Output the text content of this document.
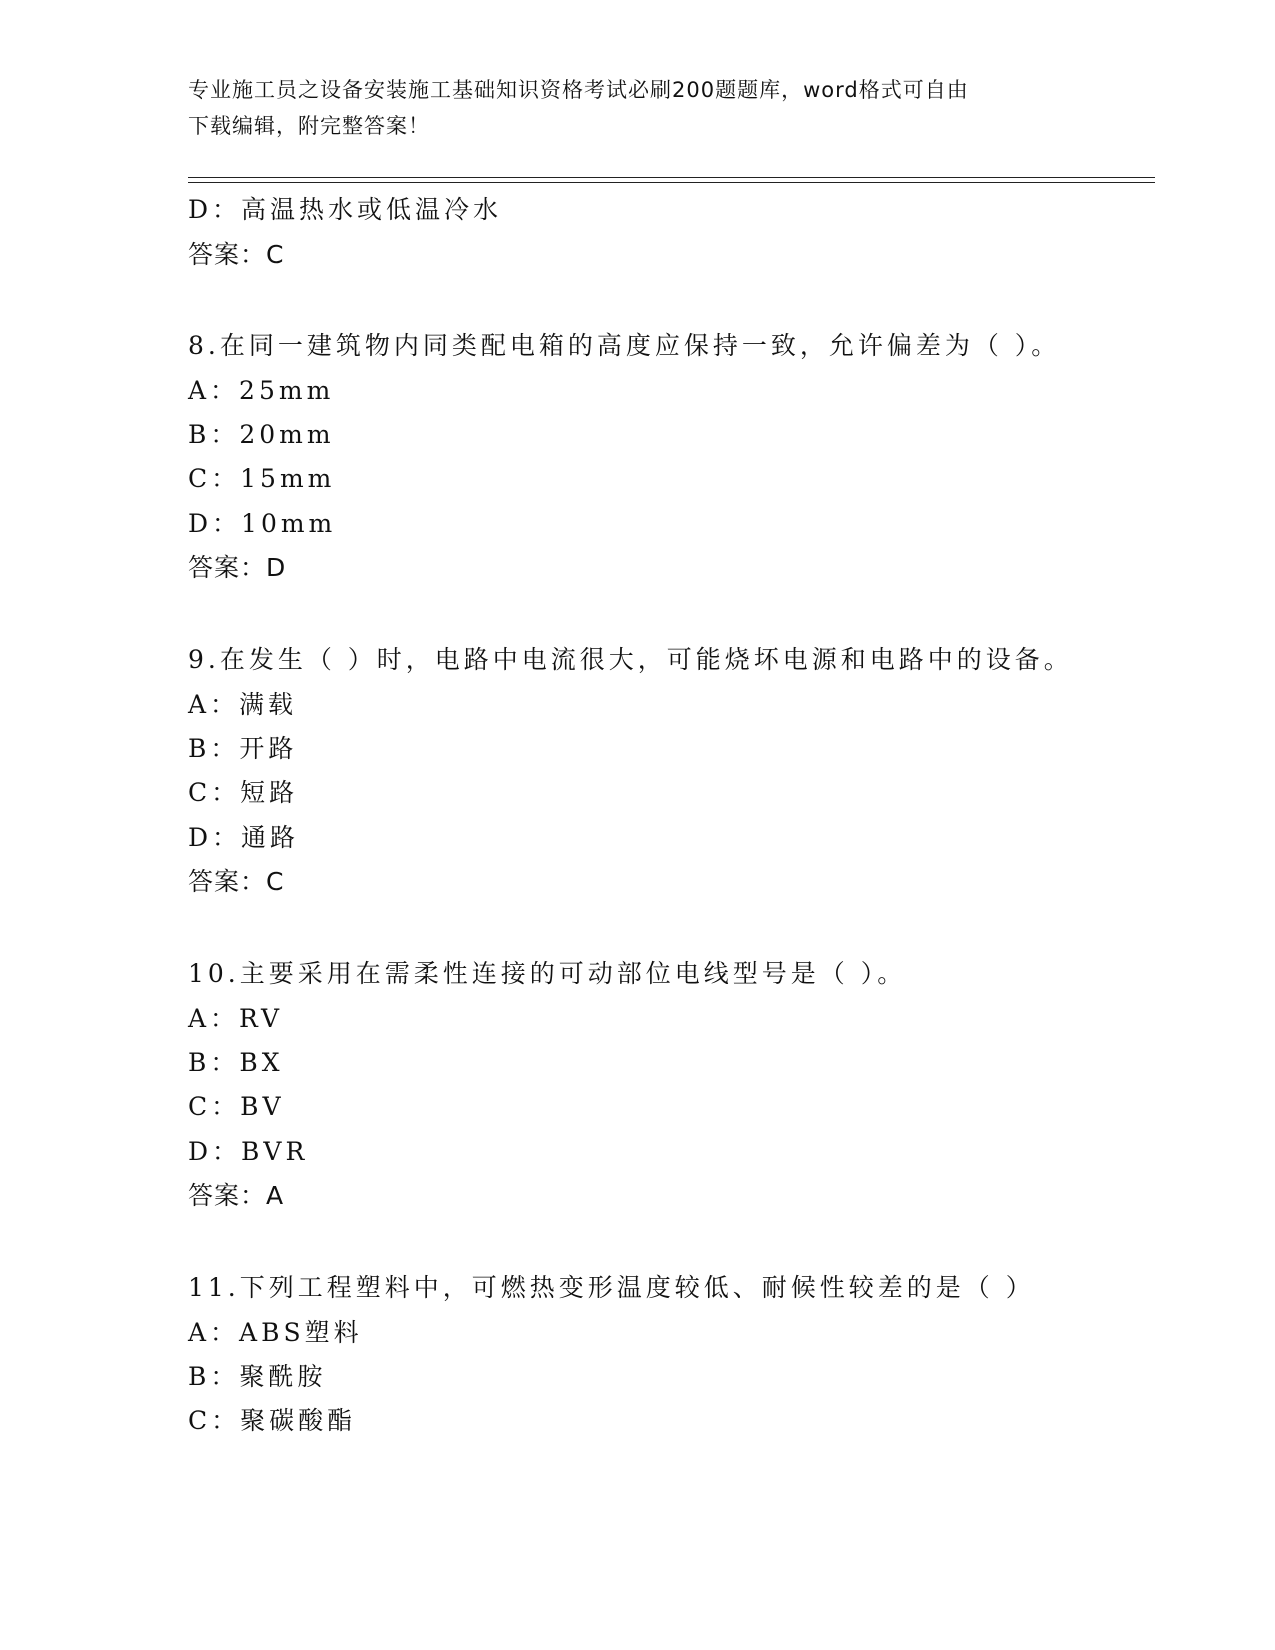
专业施工员之设备安装施工基础知识资格考试必刷200题题库，word格式可自由
下载编辑，附完整答案！
D：高温热水或低温冷水
答案：C
8.在同一建筑物内同类配电箱的高度应保持一致，允许偏差为（ ）。
A：25mm
B：20mm
C：15mm
D：10mm
答案：D
9.在发生（ ）时，电路中电流很大，可能烧坏电源和电路中的设备。
A：满载
B：开路
C：短路
D：通路
答案：C
10.主要采用在需柔性连接的可动部位电线型号是（ ）。
A：RV
B：BX
C：BV
D：BVR
答案：A
11.下列工程塑料中，可燃热变形温度较低、耐候性较差的是（ ）
A：ABS塑料
B：聚酰胺
C：聚碳酸酯
